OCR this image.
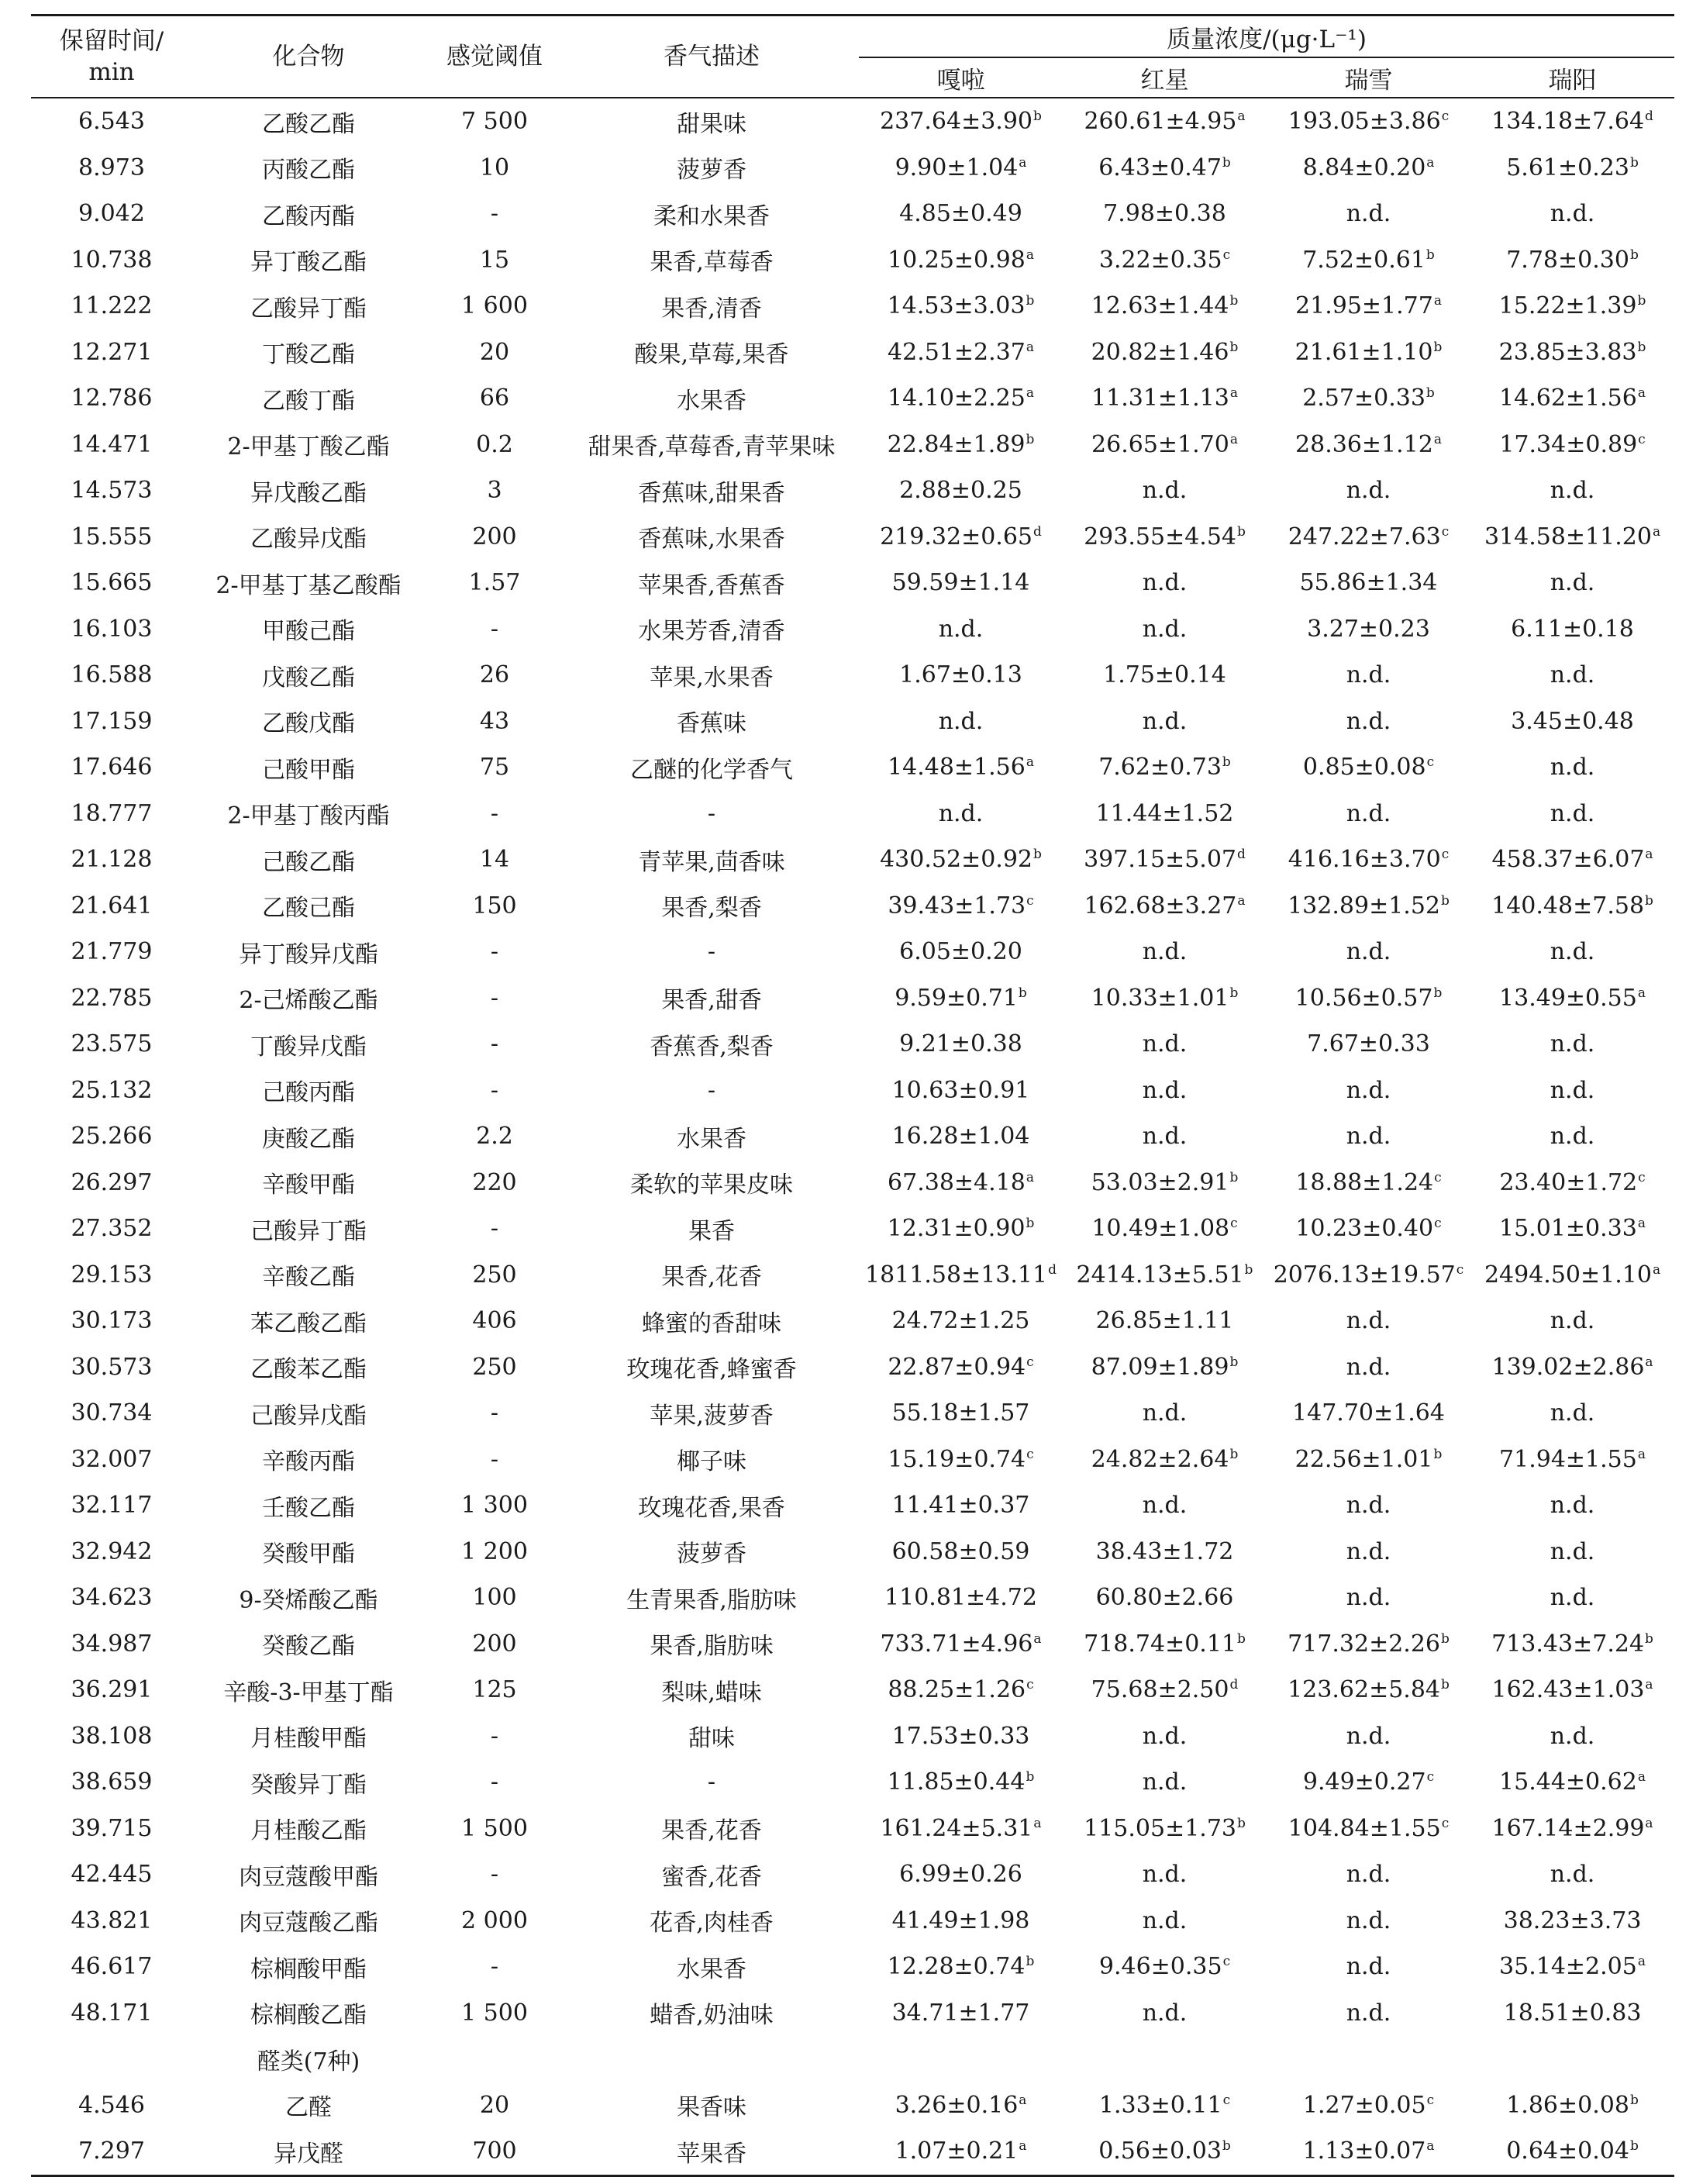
保留时间/
min	化合物	感觉阈值	香气描述	质量浓度/(μg·L⁻¹)			
				嘎啦	红星	瑞雪	瑞阳
6.543	乙酸乙酯	7 500	甜果味	237.64±3.90$^b$	260.61±4.95$^a$	193.05±3.86$^c$	134.18±7.64$^d$
8.973	丙酸乙酯	10	菠萝香	9.90±1.04$^a$	6.43±0.47$^b$	8.84±0.20$^a$	5.61±0.23$^b$
9.042	乙酸丙酯	-	柔和水果香	4.85±0.49	7.98±0.38	n.d.	n.d.
10.738	异丁酸乙酯	15	果香,草莓香	10.25±0.98$^a$	3.22±0.35$^c$	7.52±0.61$^b$	7.78±0.30$^b$
11.222	乙酸异丁酯	1 600	果香,清香	14.53±3.03$^b$	12.63±1.44$^b$	21.95±1.77$^a$	15.22±1.39$^b$
12.271	丁酸乙酯	20	酸果,草莓,果香	42.51±2.37$^a$	20.82±1.46$^b$	21.61±1.10$^b$	23.85±3.83$^b$
12.786	乙酸丁酯	66	水果香	14.10±2.25$^a$	11.31±1.13$^a$	2.57±0.33$^b$	14.62±1.56$^a$
14.471	2-甲基丁酸乙酯	0.2	甜果香,草莓香,青苹果味	22.84±1.89$^b$	26.65±1.70$^a$	28.36±1.12$^a$	17.34±0.89$^c$
14.573	异戊酸乙酯	3	香蕉味,甜果香	2.88±0.25	n.d.	n.d.	n.d.
15.555	乙酸异戊酯	200	香蕉味,水果香	219.32±0.65$^d$	293.55±4.54$^b$	247.22±7.63$^c$	314.58±11.20$^a$
15.665	2-甲基丁基乙酸酯	1.57	苹果香,香蕉香	59.59±1.14	n.d.	55.86±1.34	n.d.
16.103	甲酸己酯	-	水果芳香,清香	n.d.	n.d.	3.27±0.23	6.11±0.18
16.588	戊酸乙酯	26	苹果,水果香	1.67±0.13	1.75±0.14	n.d.	n.d.
17.159	乙酸戊酯	43	香蕉味	n.d.	n.d.	n.d.	3.45±0.48
17.646	己酸甲酯	75	乙醚的化学香气	14.48±1.56$^a$	7.62±0.73$^b$	0.85±0.08$^c$	n.d.
18.777	2-甲基丁酸丙酯	-	-	n.d.	11.44±1.52	n.d.	n.d.
21.128	己酸乙酯	14	青苹果,茴香味	430.52±0.92$^b$	397.15±5.07$^d$	416.16±3.70$^c$	458.37±6.07$^a$
21.641	乙酸己酯	150	果香,梨香	39.43±1.73$^c$	162.68±3.27$^a$	132.89±1.52$^b$	140.48±7.58$^b$
21.779	异丁酸异戊酯	-	-	6.05±0.20	n.d.	n.d.	n.d.
22.785	2-己烯酸乙酯	-	果香,甜香	9.59±0.71$^b$	10.33±1.01$^b$	10.56±0.57$^b$	13.49±0.55$^a$
23.575	丁酸异戊酯	-	香蕉香,梨香	9.21±0.38	n.d.	7.67±0.33	n.d.
25.132	己酸丙酯	-	-	10.63±0.91	n.d.	n.d.	n.d.
25.266	庚酸乙酯	2.2	水果香	16.28±1.04	n.d.	n.d.	n.d.
26.297	辛酸甲酯	220	柔软的苹果皮味	67.38±4.18$^a$	53.03±2.91$^b$	18.88±1.24$^c$	23.40±1.72$^c$
27.352	己酸异丁酯	-	果香	12.31±0.90$^b$	10.49±1.08$^c$	10.23±0.40$^c$	15.01±0.33$^a$
29.153	辛酸乙酯	250	果香,花香	1811.58±13.11$^d$	2414.13±5.51$^b$	2076.13±19.57$^c$	2494.50±1.10$^a$
30.173	苯乙酸乙酯	406	蜂蜜的香甜味	24.72±1.25	26.85±1.11	n.d.	n.d.
30.573	乙酸苯乙酯	250	玫瑰花香,蜂蜜香	22.87±0.94$^c$	87.09±1.89$^b$	n.d.	139.02±2.86$^a$
30.734	己酸异戊酯	-	苹果,菠萝香	55.18±1.57	n.d.	147.70±1.64	n.d.
32.007	辛酸丙酯	-	椰子味	15.19±0.74$^c$	24.82±2.64$^b$	22.56±1.01$^b$	71.94±1.55$^a$
32.117	壬酸乙酯	1 300	玫瑰花香,果香	11.41±0.37	n.d.	n.d.	n.d.
32.942	癸酸甲酯	1 200	菠萝香	60.58±0.59	38.43±1.72	n.d.	n.d.
34.623	9-癸烯酸乙酯	100	生青果香,脂肪味	110.81±4.72	60.80±2.66	n.d.	n.d.
34.987	癸酸乙酯	200	果香,脂肪味	733.71±4.96$^a$	718.74±0.11$^b$	717.32±2.26$^b$	713.43±7.24$^b$
36.291	辛酸-3-甲基丁酯	125	梨味,蜡味	88.25±1.26$^c$	75.68±2.50$^d$	123.62±5.84$^b$	162.43±1.03$^a$
38.108	月桂酸甲酯	-	甜味	17.53±0.33	n.d.	n.d.	n.d.
38.659	癸酸异丁酯	-	-	11.85±0.44$^b$	n.d.	9.49±0.27$^c$	15.44±0.62$^a$
39.715	月桂酸乙酯	1 500	果香,花香	161.24±5.31$^a$	115.05±1.73$^b$	104.84±1.55$^c$	167.14±2.99$^a$
42.445	肉豆蔻酸甲酯	-	蜜香,花香	6.99±0.26	n.d.	n.d.	n.d.
43.821	肉豆蔻酸乙酯	2 000	花香,肉桂香	41.49±1.98	n.d.	n.d.	38.23±3.73
46.617	棕榈酸甲酯	-	水果香	12.28±0.74$^b$	9.46±0.35$^c$	n.d.	35.14±2.05$^a$
48.171	棕榈酸乙酯	1 500	蜡香,奶油味	34.71±1.77	n.d.	n.d.	18.51±0.83
	醛类(7种)						
4.546	乙醛	20	果香味	3.26±0.16$^a$	1.33±0.11$^c$	1.27±0.05$^c$	1.86±0.08$^b$
7.297	异戊醛	700	苹果香	1.07±0.21$^a$	0.56±0.03$^b$	1.13±0.07$^a$	0.64±0.04$^b$
